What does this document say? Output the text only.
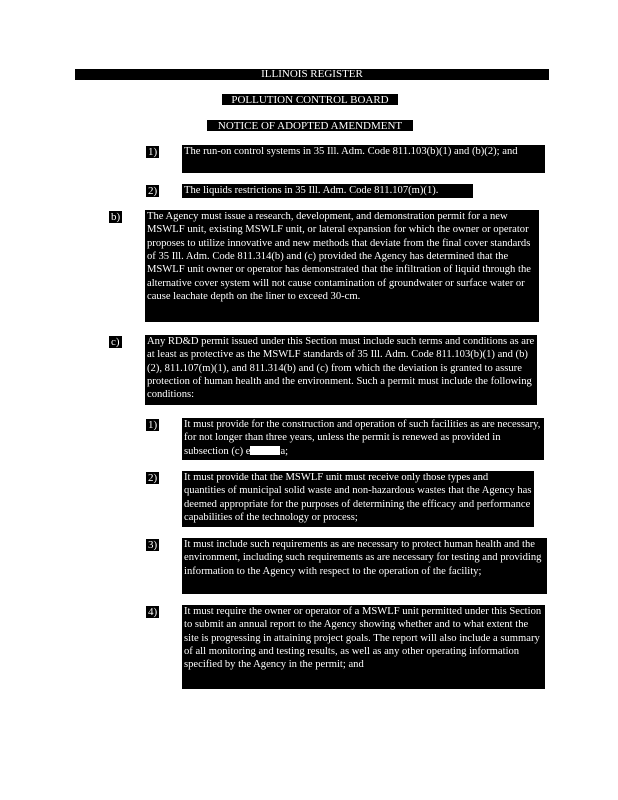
ILLINOIS REGISTER
POLLUTION CONTROL BOARD
NOTICE OF ADOPTED AMENDMENT
1)	The run-on control systems in 35 Ill. Adm. Code 811.103(b)(1) and (b)(2); and
2)	The liquids restrictions in 35 Ill. Adm. Code 811.107(m)(1).
b)	The Agency must issue a research, development, and demonstration permit for a new MSWLF unit, existing MSWLF unit, or lateral expansion for which the owner or operator proposes to utilize innovative and new methods that deviate from the final cover standards of 35 Ill. Adm. Code 811.314(b) and (c) provided the Agency has determined that the MSWLF unit owner or operator has demonstrated that the infiltration of liquid through the alternative cover system will not cause contamination of groundwater or surface water or cause leachate depth on the liner to exceed 30-cm.
c)	Any RD&D permit issued under this Section must include such terms and conditions as are at least as protective as the MSWLF standards of 35 Ill. Adm. Code 811.103(b)(1) and (b)(2), 811.107(m)(1), and 811.314(b) and (c) from which the deviation is granted to assure protection of human health and the environment. Such a permit must include the following conditions:
1)	It must provide for the construction and operation of such facilities as are necessary, for not longer than three years, unless the permit is renewed as provided in subsection (c) e	a;
2)	It must provide that the MSWLF unit must receive only those types and quantities of municipal solid waste and non-hazardous wastes that the Agency has deemed appropriate for the purposes of determining the efficacy and performance capabilities of the technology or process;
3)	It must include such requirements as are necessary to protect human health and the environment, including such requirements as are necessary for testing and providing information to the Agency with respect to the operation of the facility;
4)	It must require the owner or operator of a MSWLF unit permitted under this Section to submit an annual report to the Agency showing whether and to what extent the site is progressing in attaining project goals. The report will also include a summary of all monitoring and testing results, as well as any other operating information specified by the Agency in the permit; and
